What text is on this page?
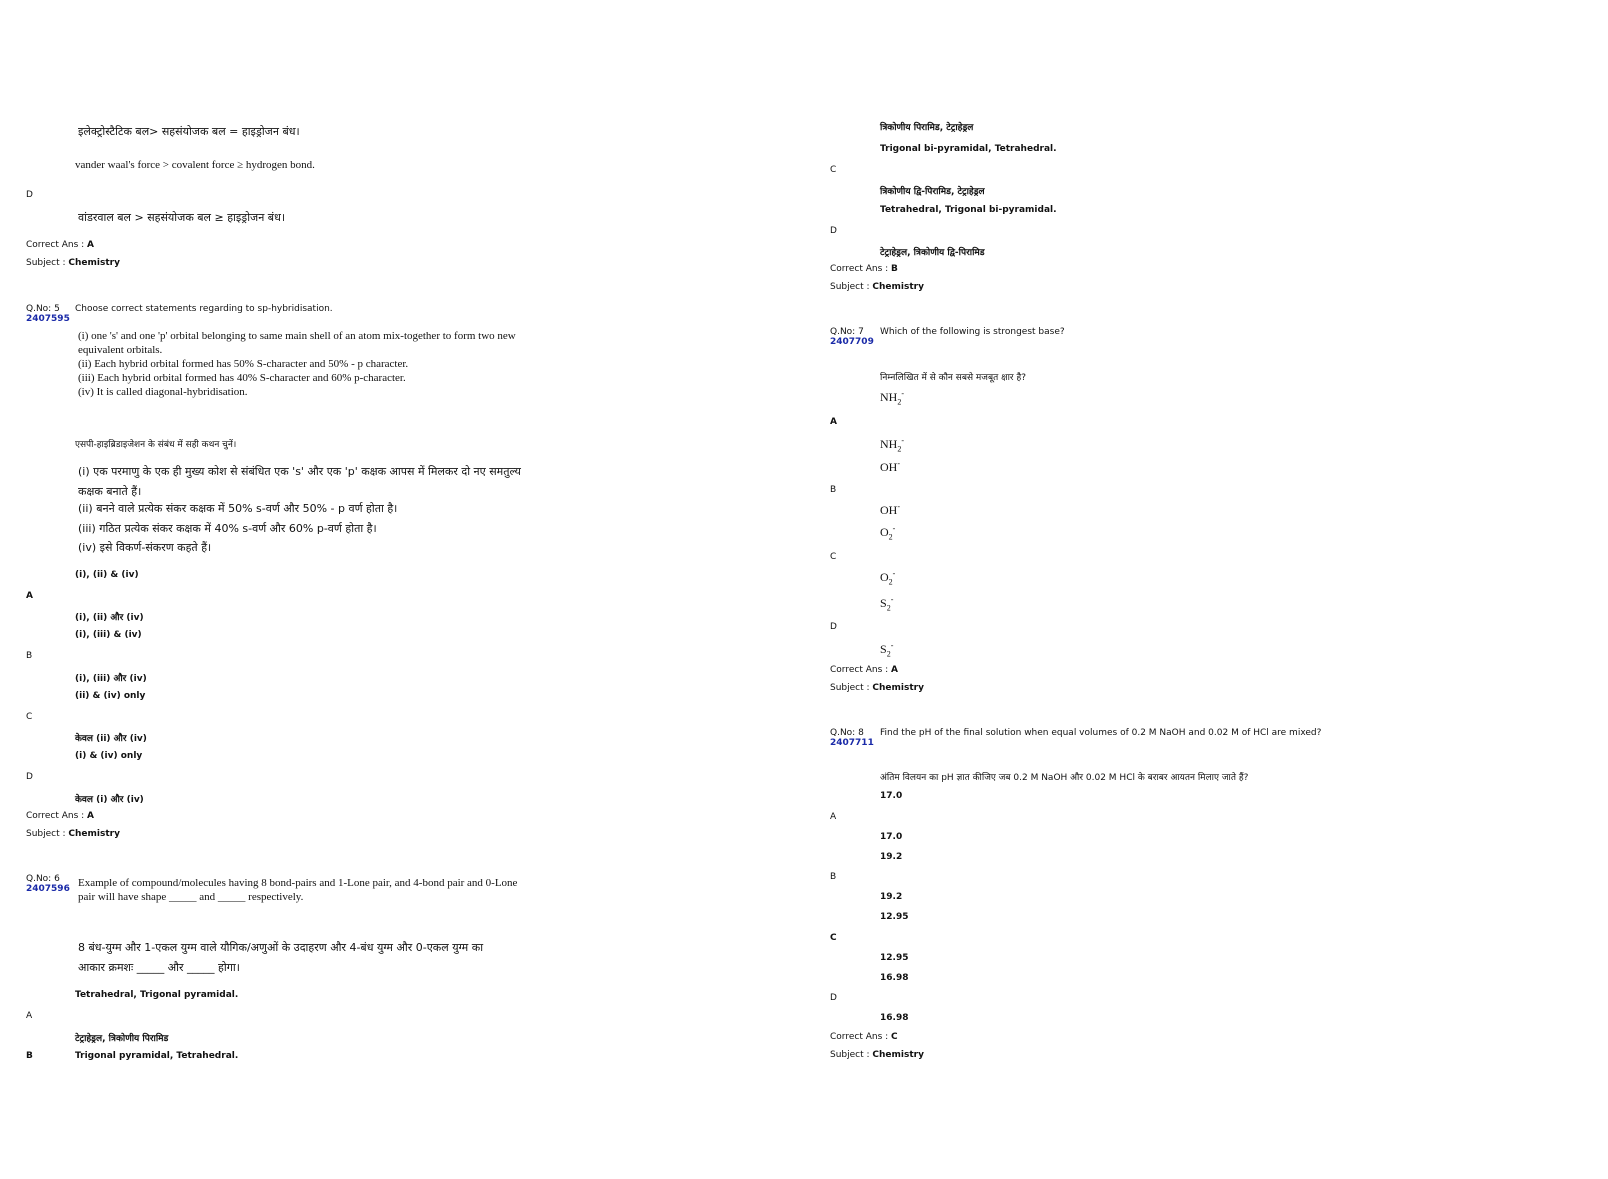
इलेक्ट्रोस्टैटिक बल> सहसंयोजक बल = हाइड्रोजन बंध।
vander waal's force > covalent force ≥ hydrogen bond.
D
वांडरवाल बल > सहसंयोजक बल ≥ हाइड्रोजन बंध।
Correct Ans : A
Subject : Chemistry
Q.No: 5
2407595
Choose correct statements regarding to sp-hybridisation.
(i) one 's' and one 'p' orbital belonging to same main shell of an atom mix-together to form two new
equivalent orbitals.
(ii) Each hybrid orbital formed has 50% S-character and 50% - p character.
(iii) Each hybrid orbital formed has 40% S-character and 60% p-character.
(iv) It is called diagonal-hybridisation.
एसपी-हाइब्रिडाइजेशन के संबंध में सही कथन चुनें।
(i) एक परमाणु के एक ही मुख्य कोश से संबंधित एक 's' और एक 'p' कक्षक आपस में मिलकर दो नए समतुल्य
कक्षक बनाते हैं।
(ii) बनने वाले प्रत्येक संकर कक्षक में 50% s-वर्ण और 50% - p वर्ण होता है।
(iii) गठित प्रत्येक संकर कक्षक में 40% s-वर्ण और 60% p-वर्ण होता है।
(iv) इसे विकर्ण-संकरण कहते हैं।
(i), (ii) & (iv)
A
(i), (ii) और (iv)
(i), (iii) & (iv)
B
(i), (iii) और (iv)
(ii) & (iv) only
C
केवल (ii) और (iv)
(i) & (iv) only
D
केवल (i) और (iv)
Correct Ans : A
Subject : Chemistry
Q.No: 6
2407596 Example of compound/molecules having 8 bond-pairs and 1-Lone pair, and 4-bond pair and 0-Lone
pair will have shape _____ and _____ respectively.
8 बंध-युग्म और 1-एकल युग्म वाले यौगिक/अणुओं के उदाहरण और 4-बंध युग्म और 0-एकल युग्म का
आकार क्रमशः _____ और _____ होगा।
Tetrahedral, Trigonal pyramidal.
A
टेट्राहेड्रल, त्रिकोणीय पिरामिड
B	Trigonal pyramidal, Tetrahedral.
त्रिकोणीय पिरामिड, टेट्राहेड्रल
Trigonal bi-pyramidal, Tetrahedral.
C
त्रिकोणीय द्वि-पिरामिड, टेट्राहेड्रल
Tetrahedral, Trigonal bi-pyramidal.
D
टेट्राहेड्रल, त्रिकोणीय द्वि-पिरामिड
Correct Ans : B
Subject : Chemistry
Q.No: 7
2407709
Which of the following is strongest base?
निम्नलिखित में से कौन सबसे मजबूत क्षार है?
$NH_2^-$
A
$NH_2^-$
OH-
B
OH-
$O_2^-$
C
$O_2^-$
$S_2^-$
D
$S_2^-$
Correct Ans : A
Subject : Chemistry
Q.No: 8
2407711
Find the pH of the final solution when equal volumes of 0.2 M NaOH and 0.02 M of HCl are mixed?
अंतिम विलयन का pH ज्ञात कीजिए जब 0.2 M NaOH और 0.02 M HCl के बराबर आयतन मिलाए जाते हैं?
17.0
A
17.0
19.2
B
19.2
12.95
C
12.95
16.98
D
16.98
Correct Ans : C
Subject : Chemistry
